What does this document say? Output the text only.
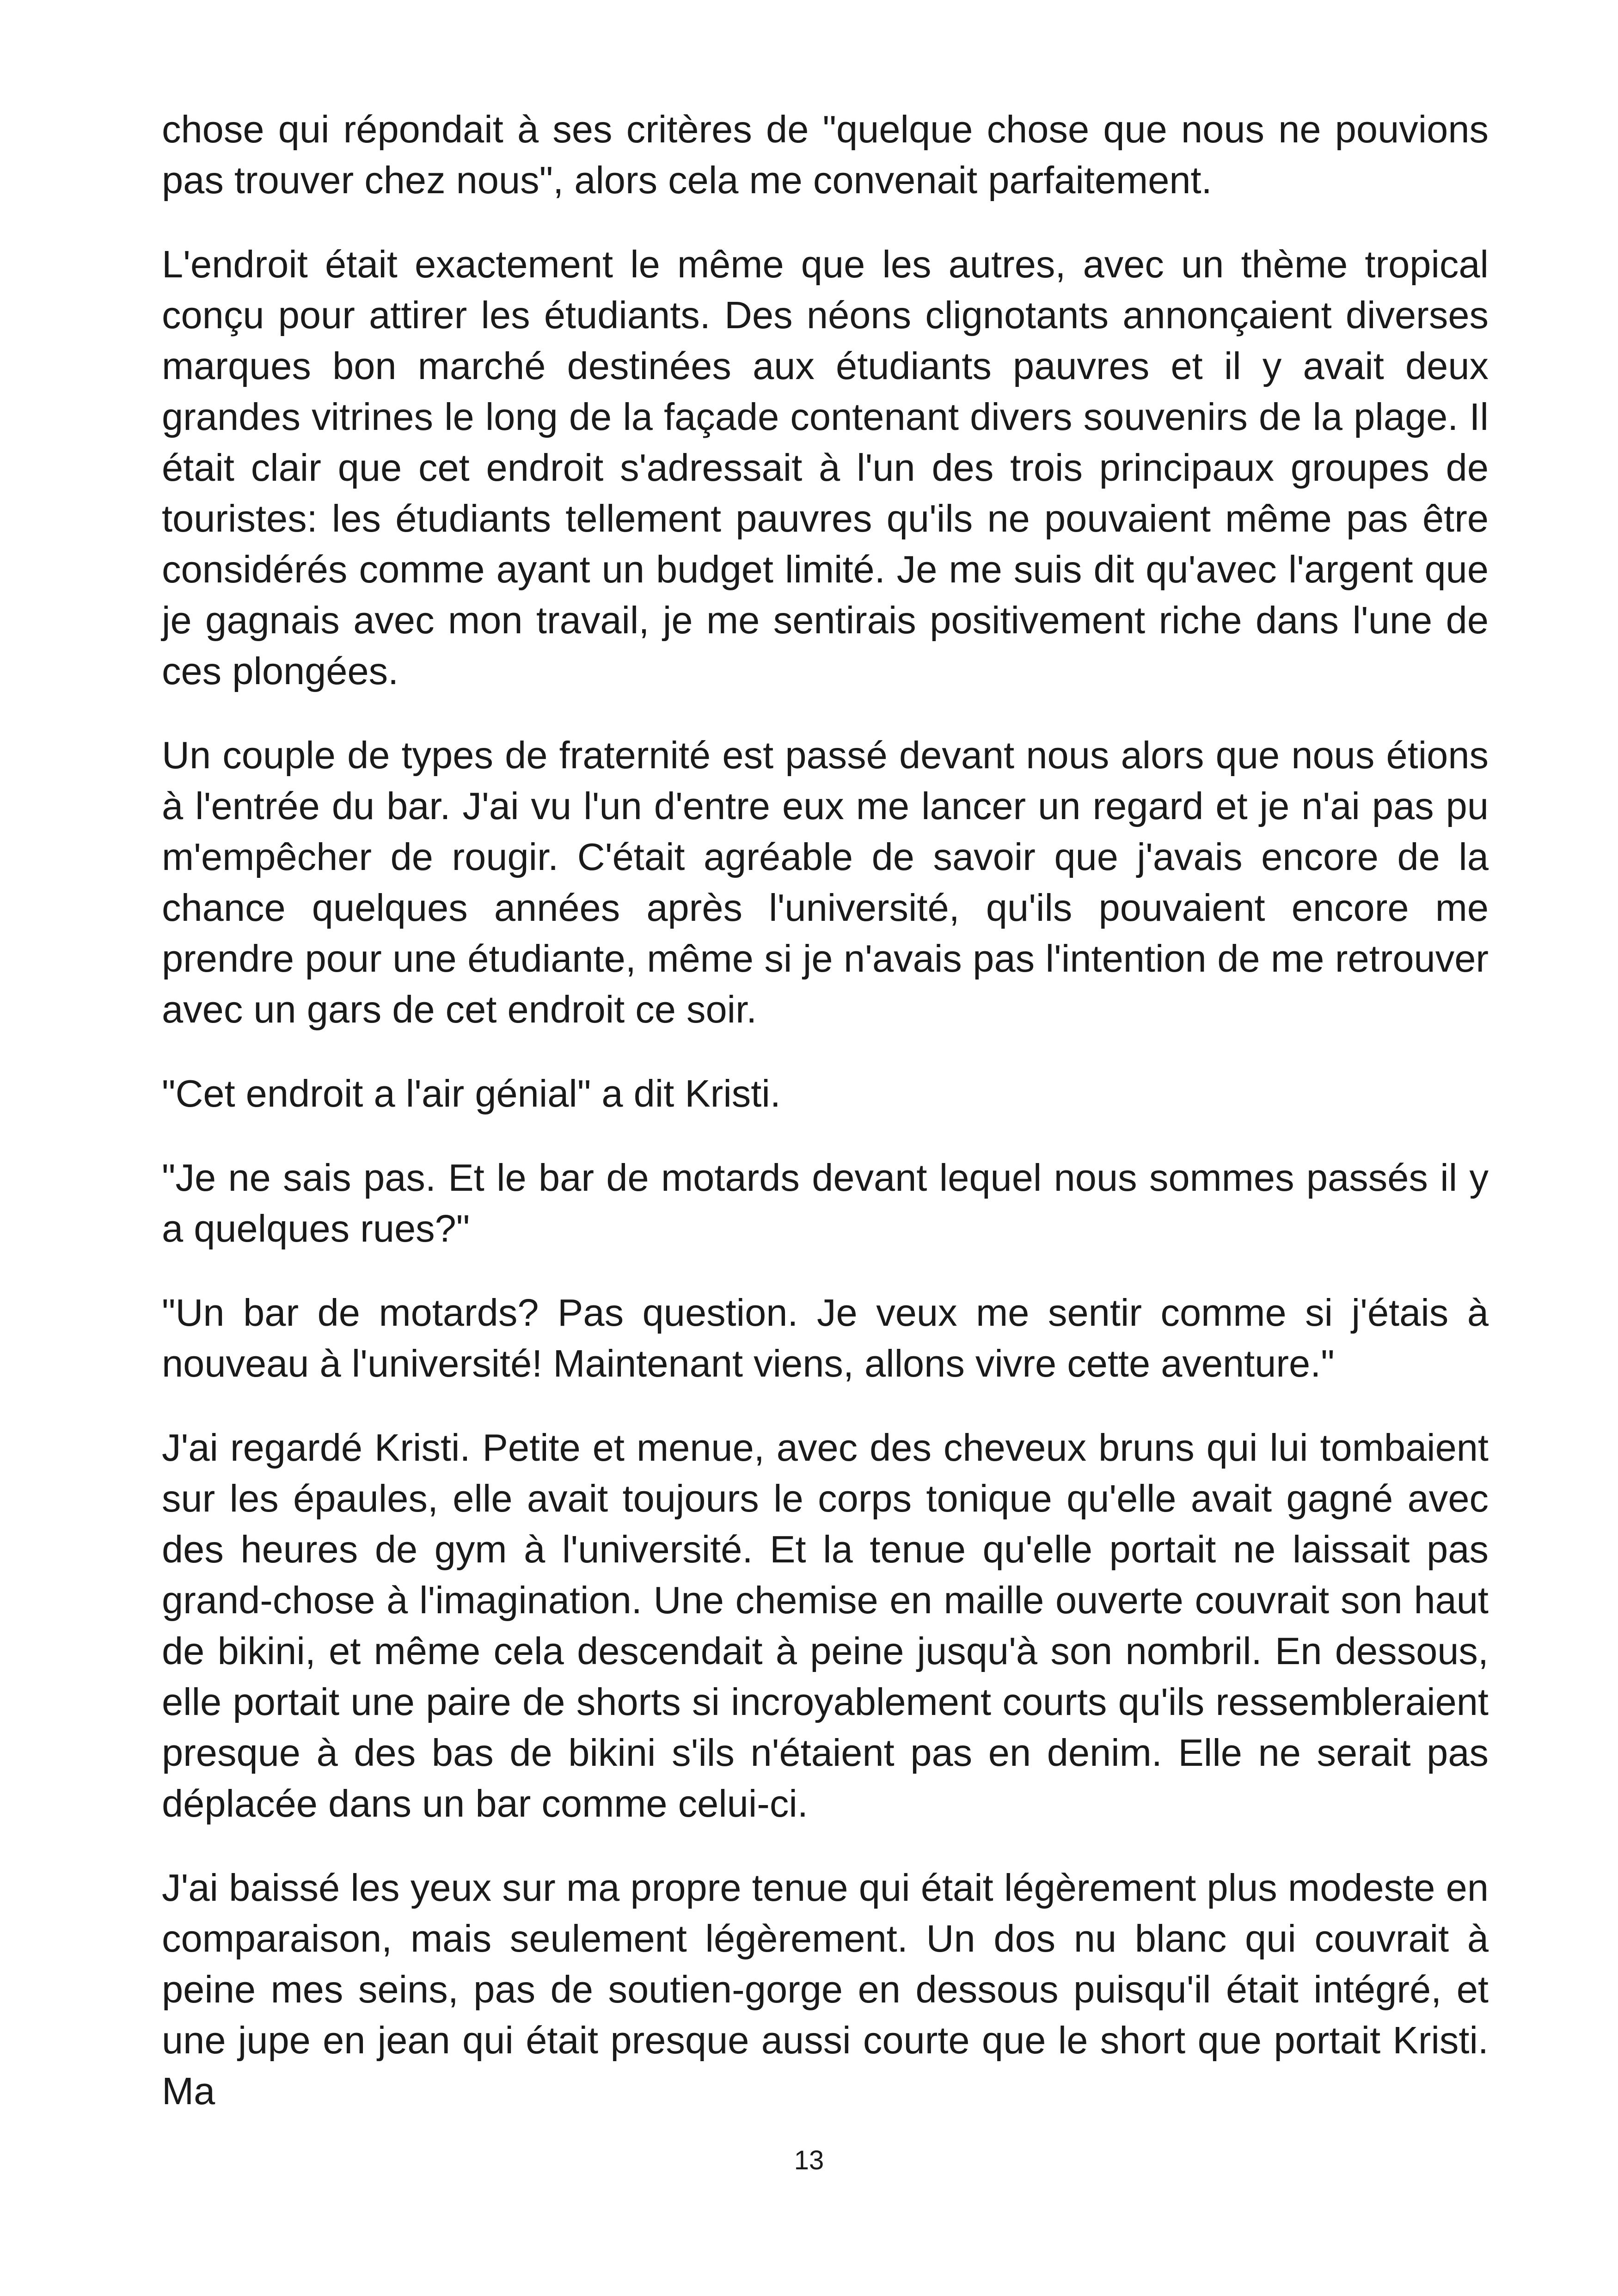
chose qui répondait à ses critères de "quelque chose que nous ne pouvions pas trouver chez nous", alors cela me convenait parfaitement.

L'endroit était exactement le même que les autres, avec un thème tropical conçu pour attirer les étudiants. Des néons clignotants annonçaient diverses marques bon marché destinées aux étudiants pauvres et il y avait deux grandes vitrines le long de la façade contenant divers souvenirs de la plage. Il était clair que cet endroit s'adressait à l'un des trois principaux groupes de touristes: les étudiants tellement pauvres qu'ils ne pouvaient même pas être considérés comme ayant un budget limité. Je me suis dit qu'avec l'argent que je gagnais avec mon travail, je me sentirais positivement riche dans l'une de ces plongées.

Un couple de types de fraternité est passé devant nous alors que nous étions à l'entrée du bar. J'ai vu l'un d'entre eux me lancer un regard et je n'ai pas pu m'empêcher de rougir. C'était agréable de savoir que j'avais encore de la chance quelques années après l'université, qu'ils pouvaient encore me prendre pour une étudiante, même si je n'avais pas l'intention de me retrouver avec un gars de cet endroit ce soir.

"Cet endroit a l'air génial" a dit Kristi.

"Je ne sais pas. Et le bar de motards devant lequel nous sommes passés il y a quelques rues?"

"Un bar de motards? Pas question. Je veux me sentir comme si j'étais à nouveau à l'université! Maintenant viens, allons vivre cette aventure."

J'ai regardé Kristi. Petite et menue, avec des cheveux bruns qui lui tombaient sur les épaules, elle avait toujours le corps tonique qu'elle avait gagné avec des heures de gym à l'université. Et la tenue qu'elle portait ne laissait pas grand-chose à l'imagination. Une chemise en maille ouverte couvrait son haut de bikini, et même cela descendait à peine jusqu'à son nombril. En dessous, elle portait une paire de shorts si incroyablement courts qu'ils ressembleraient presque à des bas de bikini s'ils n'étaient pas en denim. Elle ne serait pas déplacée dans un bar comme celui-ci.

J'ai baissé les yeux sur ma propre tenue qui était légèrement plus modeste en comparaison, mais seulement légèrement. Un dos nu blanc qui couvrait à peine mes seins, pas de soutien-gorge en dessous puisqu'il était intégré, et une jupe en jean qui était presque aussi courte que le short que portait Kristi. Ma

13
